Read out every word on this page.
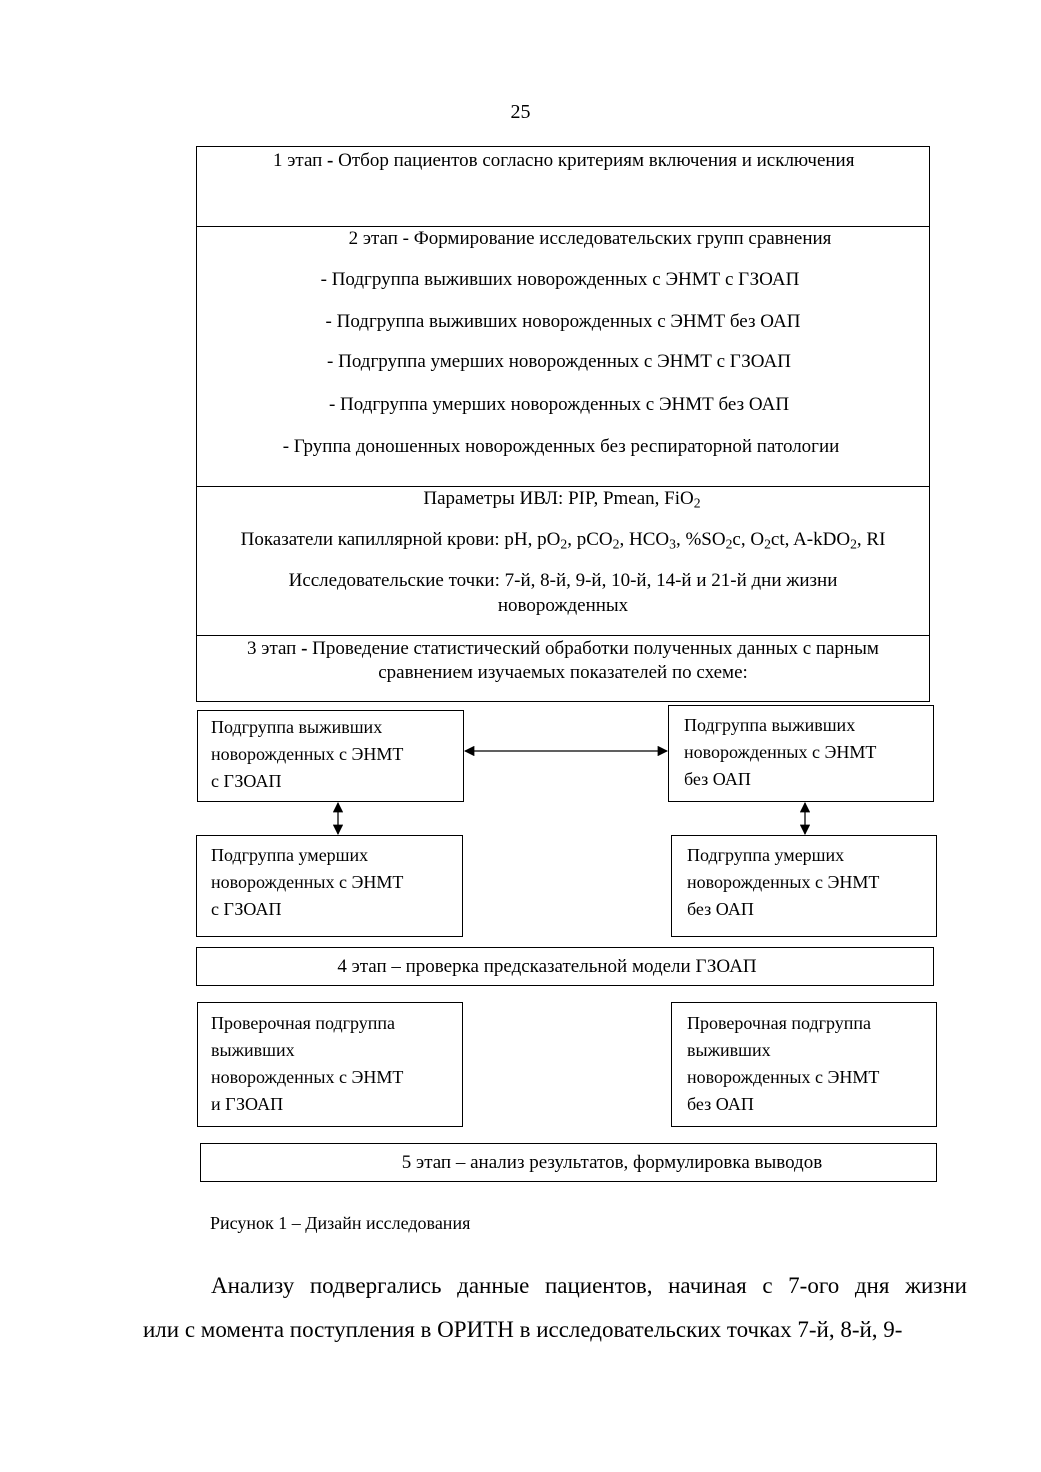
25
1 этап - Отбор пациентов согласно критериям включения и исключения
2 этап - Формирование исследовательских групп сравнения
- Подгруппа выживших новорожденных с ЭНМТ с ГЗОАП
- Подгруппа выживших новорожденных с ЭНМТ без ОАП
- Подгруппа умерших новорожденных с ЭНМТ с ГЗОАП
- Подгруппа умерших новорожденных с ЭНМТ без ОАП
- Группа доношенных новорожденных без респираторной патологии
Параметры ИВЛ: PIP, Pmean, FiO$_2$
Показатели капиллярной крови: pH, $pO_2$, pCO$_2$, $HCO_3$, $\%SO_2c$, $O_2ct$, A-kDO$_2$, RI
Исследовательские точки: 7-й, 8-й, 9-й, 10-й, 14-й и 21-й дни жизни
новорожденных
3 этап - Проведение статистический обработки полученных данных с парным
сравнением изучаемых показателей по схеме:
Подгруппа выживших
новорожденных с ЭНМТ
с ГЗОАП
Подгруппа выживших
новорожденных с ЭНМТ
без ОАП
Подгруппа умерших
новорожденных с ЭНМТ
с ГЗОАП
Подгруппа умерших
новорожденных с ЭНМТ
без ОАП
4 этап – проверка предсказательной модели ГЗОАП
Проверочная подгруппа
выживших
новорожденных с ЭНМТ
и ГЗОАП
Проверочная подгруппа
выживших
новорожденных с ЭНМТ
без ОАП
5 этап – анализ результатов, формулировка выводов
Рисунок 1 – Дизайн исследования
Анализу подвергались данные пациентов, начиная с 7-ого дня жизни
или с момента поступления в ОРИТН в исследовательских точках 7-й, 8-й, 9-
